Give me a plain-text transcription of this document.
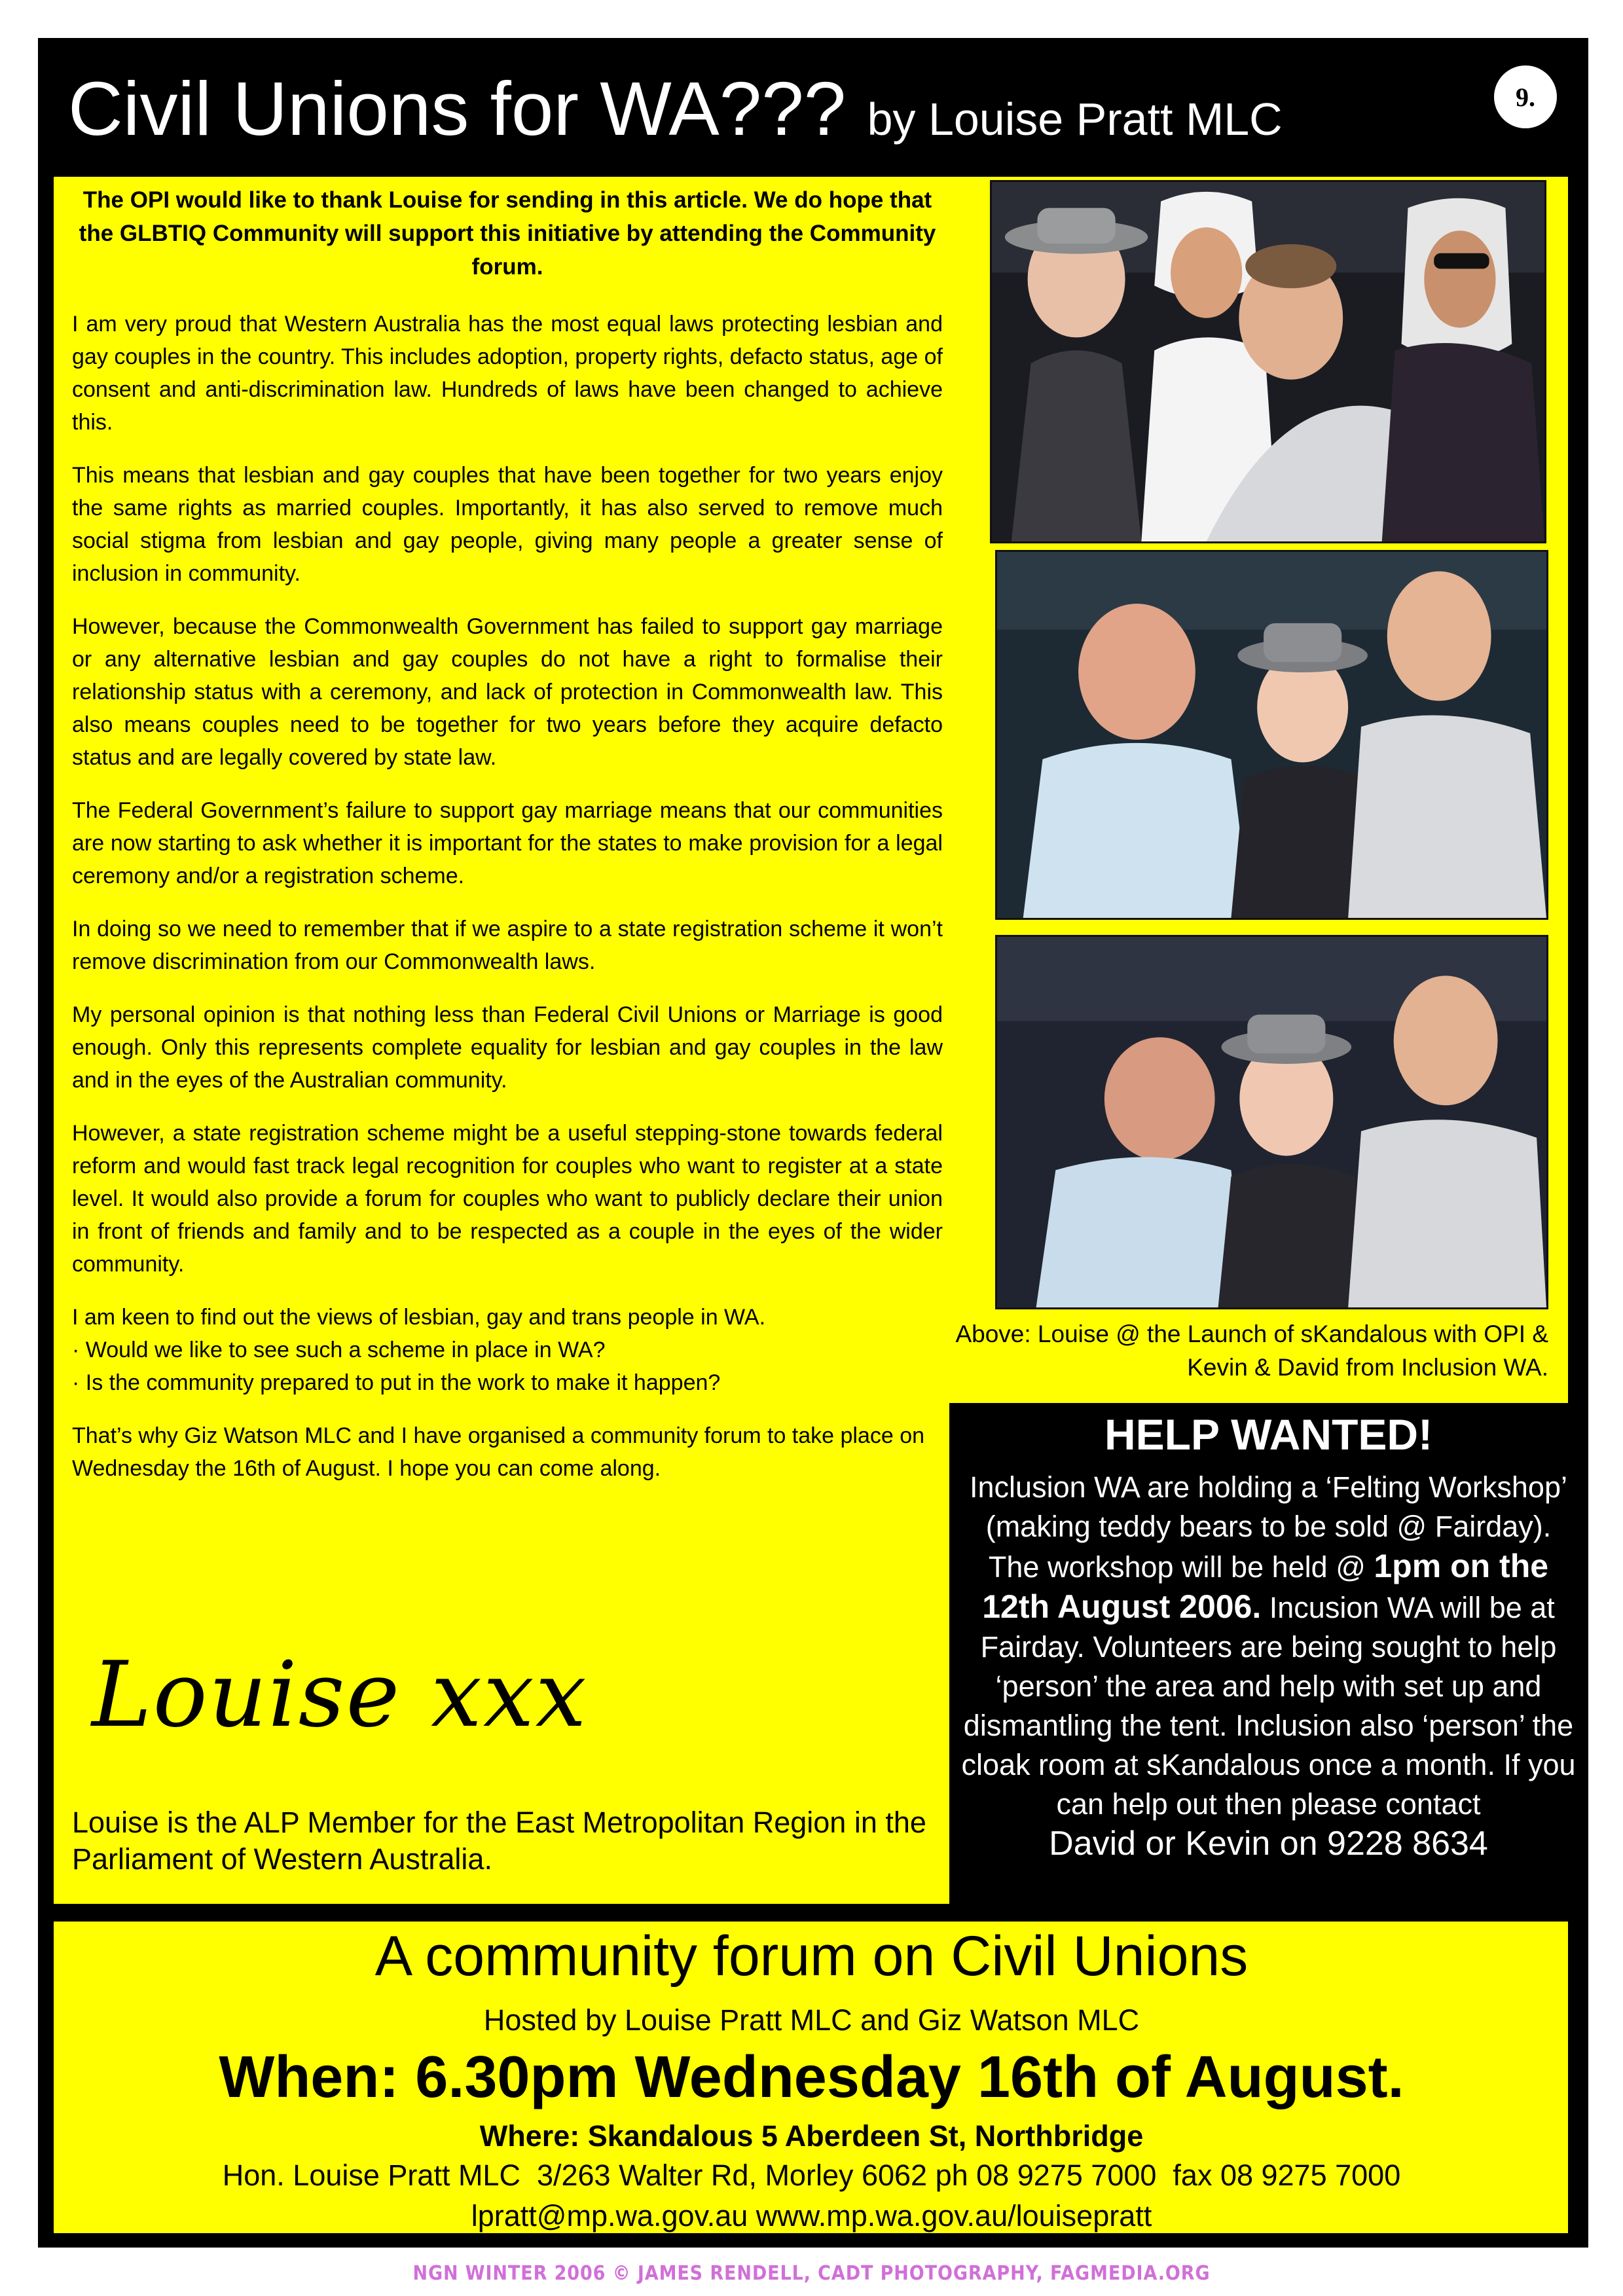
Civil Unions for WA??? by Louise Pratt MLC	9.
The OPI would like to thank Louise for sending in this article. We do hope that the GLBTIQ Community will support this initiative by attending the Community forum.

I am very proud that Western Australia has the most equal laws protecting lesbian and gay couples in the country. This includes adoption, property rights, defacto status, age of consent and anti-discrimination law. Hundreds of laws have been changed to achieve this.

This means that lesbian and gay couples that have been together for two years enjoy the same rights as married couples. Importantly, it has also served to remove much social stigma from lesbian and gay people, giving many people a greater sense of inclusion in community.

However, because the Commonwealth Government has failed to support gay marriage or any alternative lesbian and gay couples do not have a right to formalise their relationship status with a ceremony, and lack of protection in Commonwealth law. This also means couples need to be together for two years before they acquire defacto status and are legally covered by state law.

The Federal Government’s failure to support gay marriage means that our communities are now starting to ask whether it is important for the states to make provision for a legal ceremony and/or a registration scheme.

In doing so we need to remember that if we aspire to a state registration scheme it won’t remove discrimination from our Commonwealth laws.

My personal opinion is that nothing less than Federal Civil Unions or Marriage is good enough. Only this represents complete equality for lesbian and gay couples in the law and in the eyes of the Australian community.

However, a state registration scheme might be a useful stepping-stone towards federal reform and would fast track legal recognition for couples who want to register at a state level. It would also provide a forum for couples who want to publicly declare their union in front of friends and family and to be respected as a couple in the eyes of the wider community.

I am keen to find out the views of lesbian, gay and trans people in WA.
· Would we like to see such a scheme in place in WA?
· Is the community prepared to put in the work to make it happen?

That’s why Giz Watson MLC and I have organised a community forum to take place on Wednesday the 16th of August. I hope you can come along.

Louise xxx
Louise is the ALP Member for the East Metropolitan Region in the Parliament of Western Australia.
Above: Louise @ the Launch of sKandalous with OPI & Kevin & David from Inclusion WA.
HELP WANTED!
Inclusion WA are holding a ‘Felting Workshop’ (making teddy bears to be sold @ Fairday). The workshop will be held @ 1pm on the 12th August 2006. Incusion WA will be at Fairday. Volunteers are being sought to help ‘person’ the area and help with set up and dismantling the tent. Inclusion also ‘person’ the cloak room at sKandalous once a month. If you can help out then please contact
David or Kevin on 9228 8634
A community forum on Civil Unions
Hosted by Louise Pratt MLC and Giz Watson MLC
When: 6.30pm Wednesday 16th of August.
Where: Skandalous 5 Aberdeen St, Northbridge
Hon. Louise Pratt MLC  3/263 Walter Rd, Morley 6062 ph 08 9275 7000  fax 08 9275 7000
lpratt@mp.wa.gov.au www.mp.wa.gov.au/louisepratt
NGN WINTER 2006 © JAMES RENDELL, CADT PHOTOGRAPHY, FAGMEDIA.ORG
